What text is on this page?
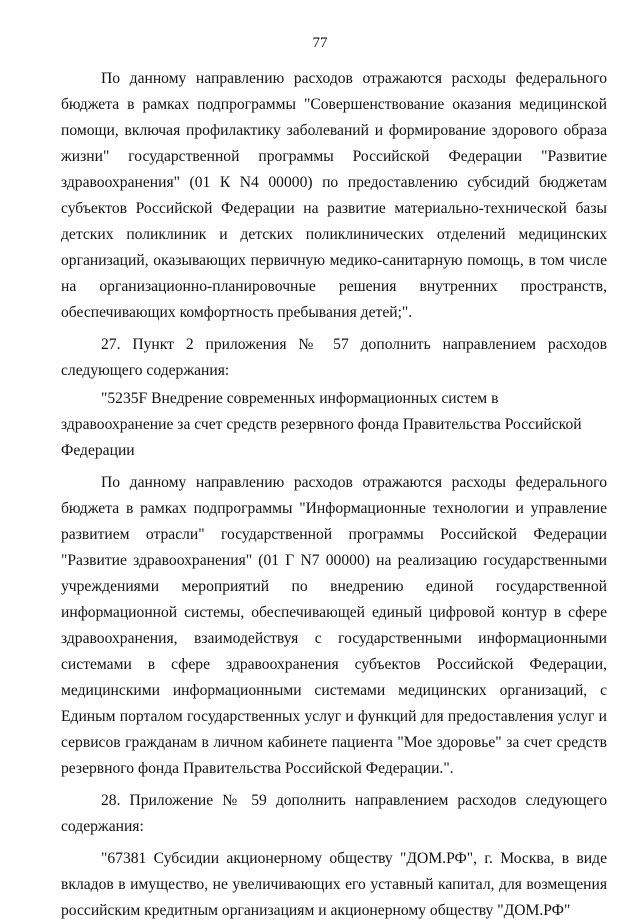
77

По данному направлению расходов отражаются расходы федерального бюджета в рамках подпрограммы "Совершенствование оказания медицинской помощи, включая профилактику заболеваний и формирование здорового образа жизни" государственной программы Российской Федерации "Развитие здравоохранения" (01 К N4 00000) по предоставлению субсидий бюджетам субъектов Российской Федерации на развитие материально-технической базы детских поликлиник и детских поликлинических отделений медицинских организаций, оказывающих первичную медико-санитарную помощь, в том числе на организационно-планировочные решения внутренних пространств, обеспечивающих комфортность пребывания детей;".

27. Пункт 2 приложения № 57 дополнить направлением расходов следующего содержания:

"5235F Внедрение современных информационных систем в здравоохранение за счет средств резервного фонда Правительства Российской Федерации

По данному направлению расходов отражаются расходы федерального бюджета в рамках подпрограммы "Информационные технологии и управление развитием отрасли" государственной программы Российской Федерации "Развитие здравоохранения" (01 Г N7 00000) на реализацию государственными учреждениями мероприятий по внедрению единой государственной информационной системы, обеспечивающей единый цифровой контур в сфере здравоохранения, взаимодействуя с государственными информационными системами в сфере здравоохранения субъектов Российской Федерации, медицинскими информационными системами медицинских организаций, с Единым порталом государственных услуг и функций для предоставления услуг и сервисов гражданам в личном кабинете пациента "Мое здоровье" за счет средств резервного фонда Правительства Российской Федерации.".

28. Приложение № 59 дополнить направлением расходов следующего содержания:

"67381 Субсидии акционерному обществу "ДОМ.РФ", г. Москва, в виде вкладов в имущество, не увеличивающих его уставный капитал, для возмещения российским кредитным организациям и акционерному обществу "ДОМ.РФ"
